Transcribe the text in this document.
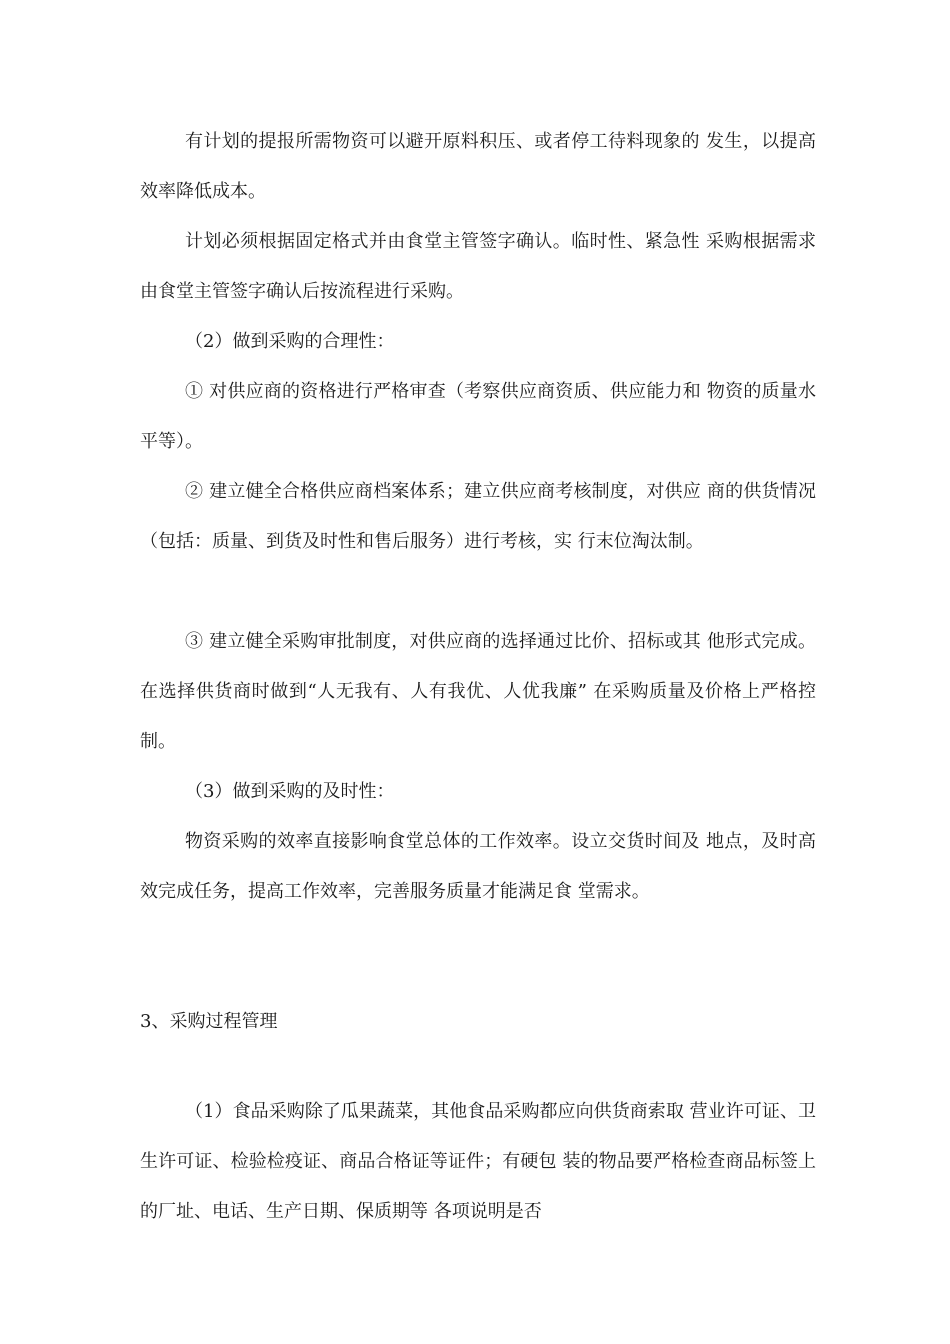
有计划的提报所需物资可以避开原料积压、或者停工待料现象的 发生，以提高效率降低成本。

计划必须根据固定格式并由食堂主管签字确认。临时性、紧急性 采购根据需求由食堂主管签字确认后按流程进行采购。

（2）做到采购的合理性：

① 对供应商的资格进行严格审查（考察供应商资质、供应能力和 物资的质量水平等）。

② 建立健全合格供应商档案体系；建立供应商考核制度，对供应 商的供货情况（包括：质量、到货及时性和售后服务）进行考核，实 行末位淘汰制。

③ 建立健全采购审批制度，对供应商的选择通过比价、招标或其 他形式完成。在选择供货商时做到“人无我有、人有我优、人优我廉” 在采购质量及价格上严格控制。

（3）做到采购的及时性：

物资采购的效率直接影响食堂总体的工作效率。设立交货时间及 地点，及时高效完成任务，提高工作效率，完善服务质量才能满足食 堂需求。

3、采购过程管理

（1）食品采购除了瓜果蔬菜，其他食品采购都应向供货商索取 营业许可证、卫生许可证、检验检疫证、商品合格证等证件；有硬包 装的物品要严格检查商品标签上的厂址、电话、生产日期、保质期等 各项说明是否
